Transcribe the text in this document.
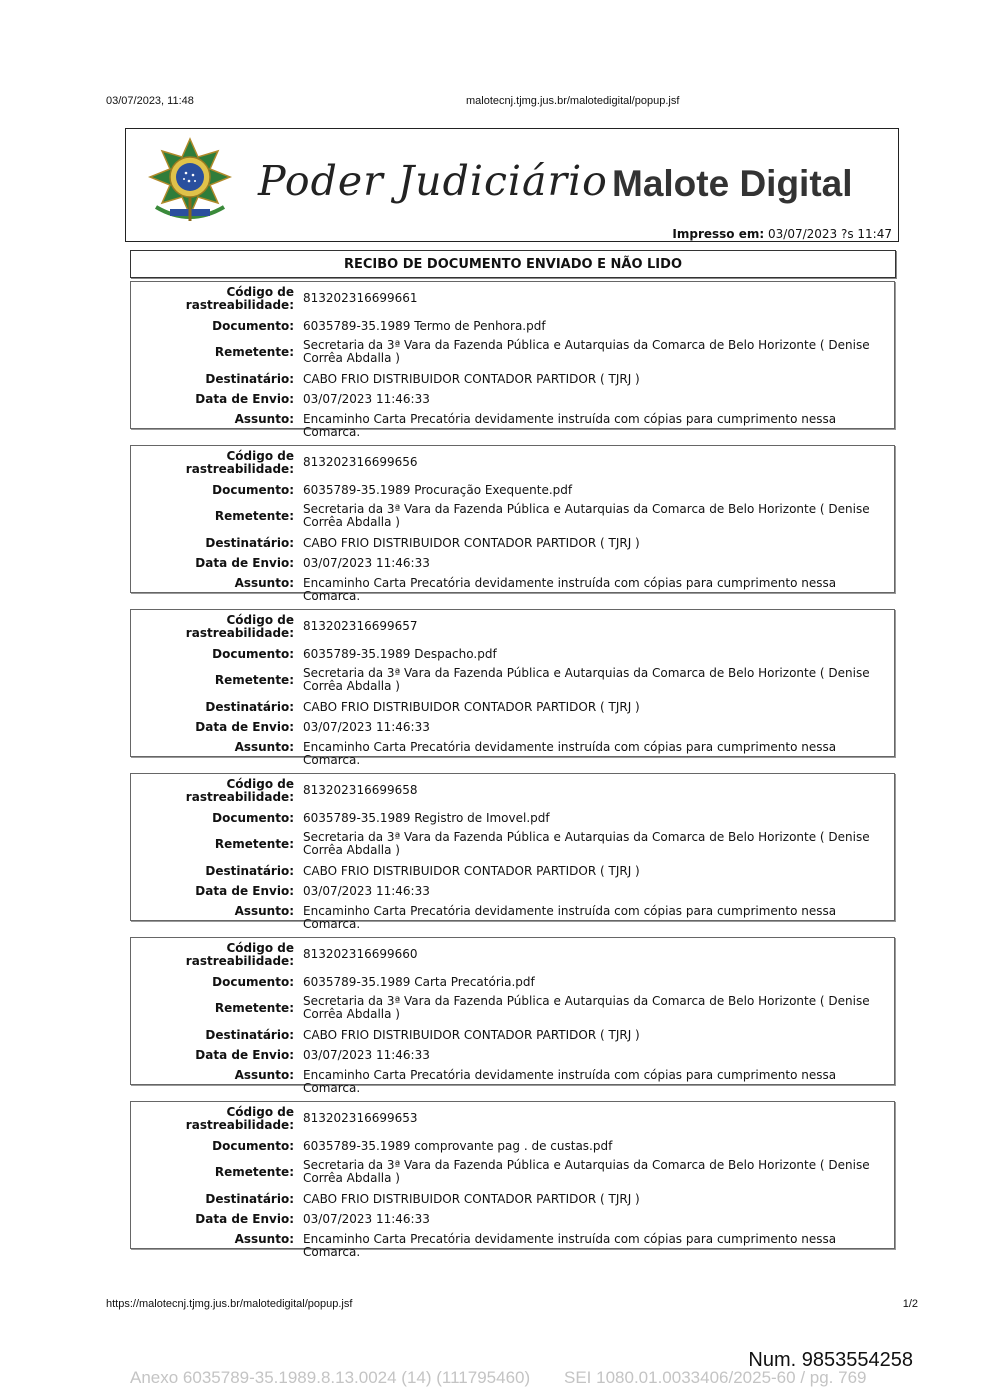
03/07/2023, 11:48	malotecnj.tjmg.jus.br/malotedigital/popup.jsf
Poder Judiciário Malote Digital
Impresso em: 03/07/2023 ?s 11:47
RECIBO DE DOCUMENTO ENVIADO E NÃO LIDO
Código de
rastreabilidade: 813202316699661
Documento: 6035789-35.1989 Termo de Penhora.pdf
Remetente: Secretaria da 3ª Vara da Fazenda Pública e Autarquias da Comarca de Belo Horizonte ( Denise Corrêa Abdalla )
Destinatário: CABO FRIO DISTRIBUIDOR CONTADOR PARTIDOR ( TJRJ )
Data de Envio: 03/07/2023 11:46:33
Assunto: Encaminho Carta Precatória devidamente instruída com cópias para cumprimento nessa Comarca.
Código de
rastreabilidade: 813202316699656
Documento: 6035789-35.1989 Procuração Exequente.pdf
Remetente: Secretaria da 3ª Vara da Fazenda Pública e Autarquias da Comarca de Belo Horizonte ( Denise Corrêa Abdalla )
Destinatário: CABO FRIO DISTRIBUIDOR CONTADOR PARTIDOR ( TJRJ )
Data de Envio: 03/07/2023 11:46:33
Assunto: Encaminho Carta Precatória devidamente instruída com cópias para cumprimento nessa Comarca.
Código de
rastreabilidade: 813202316699657
Documento: 6035789-35.1989 Despacho.pdf
Remetente: Secretaria da 3ª Vara da Fazenda Pública e Autarquias da Comarca de Belo Horizonte ( Denise Corrêa Abdalla )
Destinatário: CABO FRIO DISTRIBUIDOR CONTADOR PARTIDOR ( TJRJ )
Data de Envio: 03/07/2023 11:46:33
Assunto: Encaminho Carta Precatória devidamente instruída com cópias para cumprimento nessa Comarca.
Código de
rastreabilidade: 813202316699658
Documento: 6035789-35.1989 Registro de Imovel.pdf
Remetente: Secretaria da 3ª Vara da Fazenda Pública e Autarquias da Comarca de Belo Horizonte ( Denise Corrêa Abdalla )
Destinatário: CABO FRIO DISTRIBUIDOR CONTADOR PARTIDOR ( TJRJ )
Data de Envio: 03/07/2023 11:46:33
Assunto: Encaminho Carta Precatória devidamente instruída com cópias para cumprimento nessa Comarca.
Código de
rastreabilidade: 813202316699660
Documento: 6035789-35.1989 Carta Precatória.pdf
Remetente: Secretaria da 3ª Vara da Fazenda Pública e Autarquias da Comarca de Belo Horizonte ( Denise Corrêa Abdalla )
Destinatário: CABO FRIO DISTRIBUIDOR CONTADOR PARTIDOR ( TJRJ )
Data de Envio: 03/07/2023 11:46:33
Assunto: Encaminho Carta Precatória devidamente instruída com cópias para cumprimento nessa Comarca.
Código de
rastreabilidade: 813202316699653
Documento: 6035789-35.1989 comprovante pag . de custas.pdf
Remetente: Secretaria da 3ª Vara da Fazenda Pública e Autarquias da Comarca de Belo Horizonte ( Denise Corrêa Abdalla )
Destinatário: CABO FRIO DISTRIBUIDOR CONTADOR PARTIDOR ( TJRJ )
Data de Envio: 03/07/2023 11:46:33
Assunto: Encaminho Carta Precatória devidamente instruída com cópias para cumprimento nessa Comarca.
https://malotecnj.tjmg.jus.br/malotedigital/popup.jsf	1/2
Num. 9853554258
Anexo 6035789-35.1989.8.13.0024 (14) (111795460) SEI 1080.01.0033406/2025-60 / pg. 769
